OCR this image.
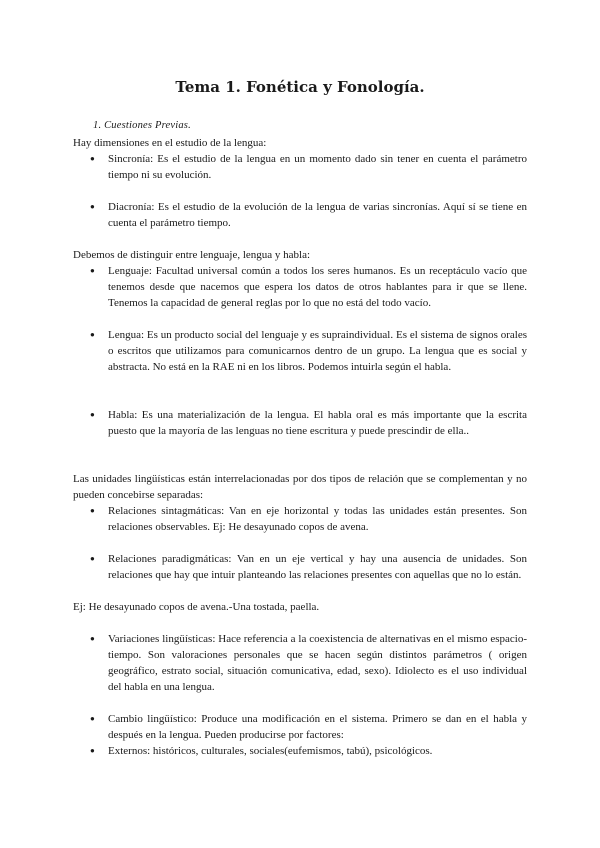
Tema 1. Fonética y Fonología.
1. Cuestiones Previas.
Hay dimensiones en el estudio de la lengua:
● Sincronía: Es el estudio de la lengua en un momento dado sin tener en cuenta el parámetro tiempo ni su evolución.
● Diacronía: Es el estudio de la evolución de la lengua de varias sincronías. Aquí sí se tiene en cuenta el parámetro tiempo.
Debemos de distinguir entre lenguaje, lengua y habla:
● Lenguaje: Facultad universal común a todos los seres humanos. Es un receptáculo vacío que tenemos desde que nacemos que espera los datos de otros hablantes para ir que se llene. Tenemos la capacidad de general reglas por lo que no está del todo vacío.
● Lengua: Es un producto social del lenguaje y es supraindividual. Es el sistema de signos orales o escritos que utilizamos para comunicarnos dentro de un grupo. La lengua que es social y abstracta. No está en la RAE ni en los libros. Podemos intuirla según el habla.
● Habla: Es una materialización de la lengua. El habla oral es más importante que la escrita puesto que la mayoría de las lenguas no tiene escritura y puede prescindir de ella..
Las unidades lingüísticas están interrelacionadas por dos tipos de relación que se complementan y no pueden concebirse separadas:
● Relaciones sintagmáticas: Van en eje horizontal y todas las unidades están presentes. Son relaciones observables. Ej: He desayunado copos de avena.
● Relaciones paradigmáticas: Van en un eje vertical y hay una ausencia de unidades. Son relaciones que hay que intuir planteando las relaciones presentes con aquellas que no lo están.
Ej: He desayunado copos de avena.-Una tostada, paella.
● Variaciones lingüísticas: Hace referencia a la coexistencia de alternativas en el mismo espacio-tiempo. Son valoraciones personales que se hacen según distintos parámetros ( origen geográfico, estrato social, situación comunicativa, edad, sexo). Idiolecto es el uso individual del habla en una lengua.
● Cambio lingüístico: Produce una modificación en el sistema. Primero se dan en el habla y después en la lengua. Pueden producirse por factores:
● Externos: históricos, culturales, sociales(eufemismos, tabú), psicológicos.
